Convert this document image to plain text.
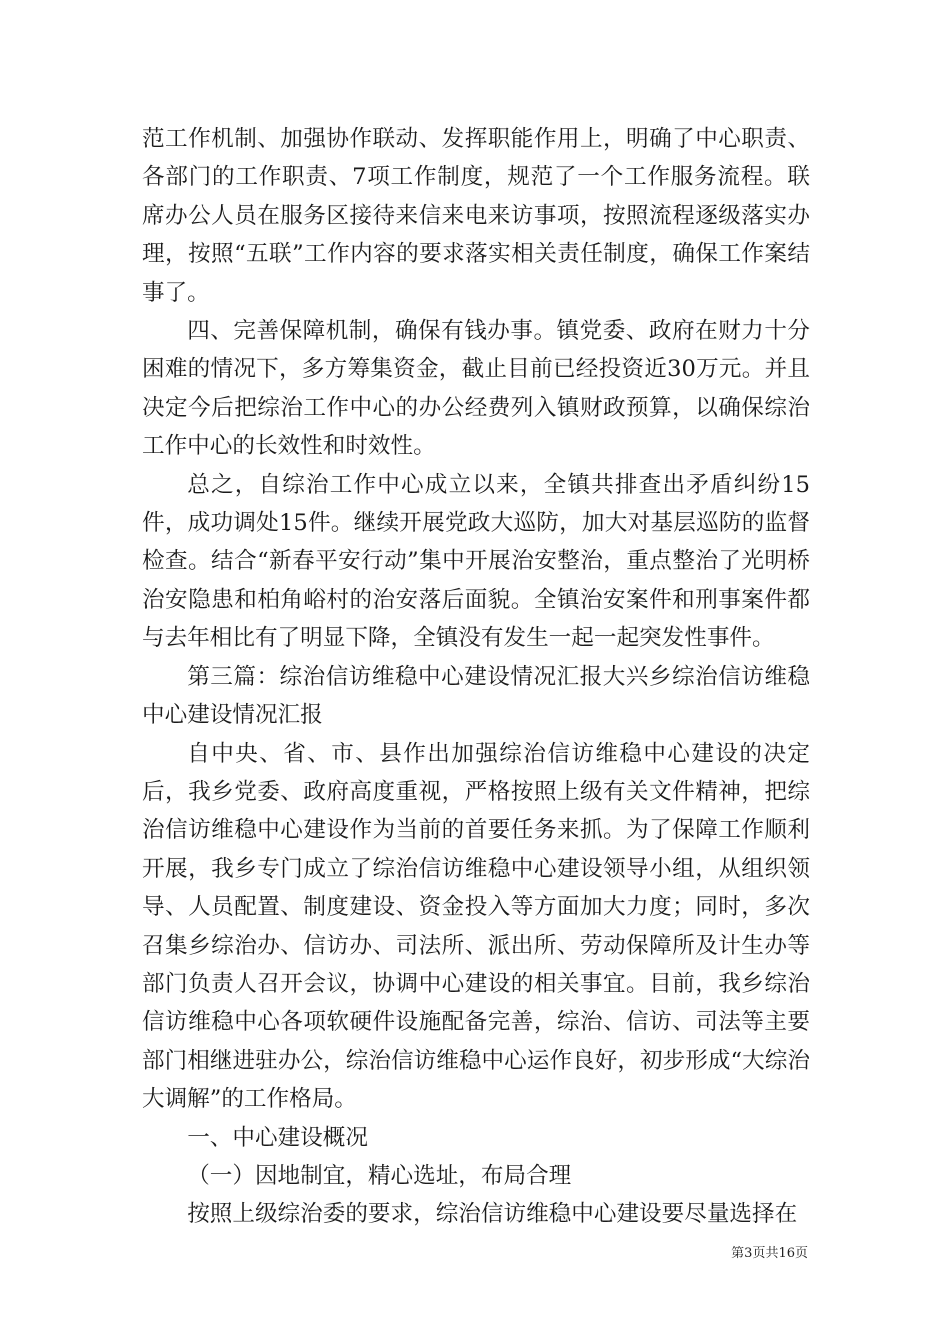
范工作机制、加强协作联动、发挥职能作用上，明确了中心职责、各部门的工作职责、7项工作制度，规范了一个工作服务流程。联席办公人员在服务区接待来信来电来访事项，按照流程逐级落实办理，按照“五联”工作内容的要求落实相关责任制度，确保工作案结事了。

四、完善保障机制，确保有钱办事。镇党委、政府在财力十分困难的情况下，多方筹集资金，截止目前已经投资近30万元。并且决定今后把综治工作中心的办公经费列入镇财政预算，以确保综治工作中心的长效性和时效性。

总之，自综治工作中心成立以来，全镇共排查出矛盾纠纷15件，成功调处15件。继续开展党政大巡防，加大对基层巡防的监督检查。结合“新春平安行动”集中开展治安整治，重点整治了光明桥治安隐患和柏角峪村的治安落后面貌。全镇治安案件和刑事案件都与去年相比有了明显下降，全镇没有发生一起一起突发性事件。

第三篇：综治信访维稳中心建设情况汇报大兴乡综治信访维稳中心建设情况汇报

自中央、省、市、县作出加强综治信访维稳中心建设的决定后，我乡党委、政府高度重视，严格按照上级有关文件精神，把综治信访维稳中心建设作为当前的首要任务来抓。为了保障工作顺利开展，我乡专门成立了综治信访维稳中心建设领导小组，从组织领导、人员配置、制度建设、资金投入等方面加大力度；同时，多次召集乡综治办、信访办、司法所、派出所、劳动保障所及计生办等部门负责人召开会议，协调中心建设的相关事宜。目前，我乡综治信访维稳中心各项软硬件设施配备完善，综治、信访、司法等主要部门相继进驻办公，综治信访维稳中心运作良好，初步形成“大综治大调解”的工作格局。

一、中心建设概况

（一）因地制宜，精心选址，布局合理

按照上级综治委的要求，综治信访维稳中心建设要尽量选择在

第3页共16页
